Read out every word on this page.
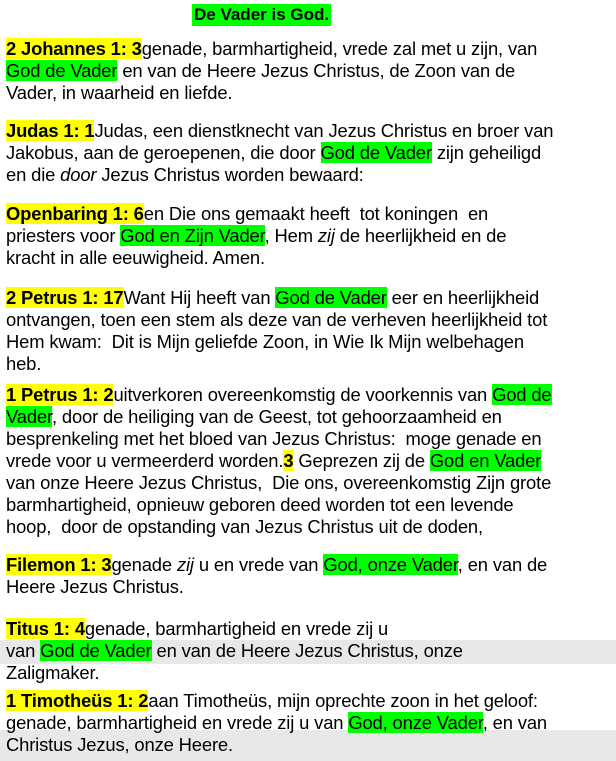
De Vader is God.
2 Johannes 1: 3genade, barmhartigheid, vrede zal met u zijn, van
God de Vader en van de Heere Jezus Christus, de Zoon van de
Vader, in waarheid en liefde.
Judas 1: 1Judas, een dienstknecht van Jezus Christus en broer van
Jakobus, aan de geroepenen, die door God de Vader zijn geheiligd
en die door Jezus Christus worden bewaard:
Openbaring 1: 6en Die ons gemaakt heeft  tot koningen  en
priesters voor God en Zijn Vader, Hem zij de heerlijkheid en de
kracht in alle eeuwigheid. Amen.
2 Petrus 1: 17Want Hij heeft van God de Vader eer en heerlijkheid
ontvangen, toen een stem als deze van de verheven heerlijkheid tot
Hem kwam:  Dit is Mijn geliefde Zoon, in Wie Ik Mijn welbehagen
heb.
1 Petrus 1: 2uitverkoren overeenkomstig de voorkennis van God de
Vader, door de heiliging van de Geest, tot gehoorzaamheid en
besprenkeling met het bloed van Jezus Christus:  moge genade en
vrede voor u vermeerderd worden.3 Geprezen zij de God en Vader
van onze Heere Jezus Christus,  Die ons, overeenkomstig Zijn grote
barmhartigheid, opnieuw geboren deed worden tot een levende
hoop,  door de opstanding van Jezus Christus uit de doden,
Filemon 1: 3genade zij u en vrede van God, onze Vader, en van de
Heere Jezus Christus.
Titus 1: 4genade, barmhartigheid en vrede zij u
van God de Vader en van de Heere Jezus Christus, onze
Zaligmaker.
1 Timotheüs 1: 2aan Timotheüs, mijn oprechte zoon in het geloof:
genade, barmhartigheid en vrede zij u van God, onze Vader, en van
Christus Jezus, onze Heere.
